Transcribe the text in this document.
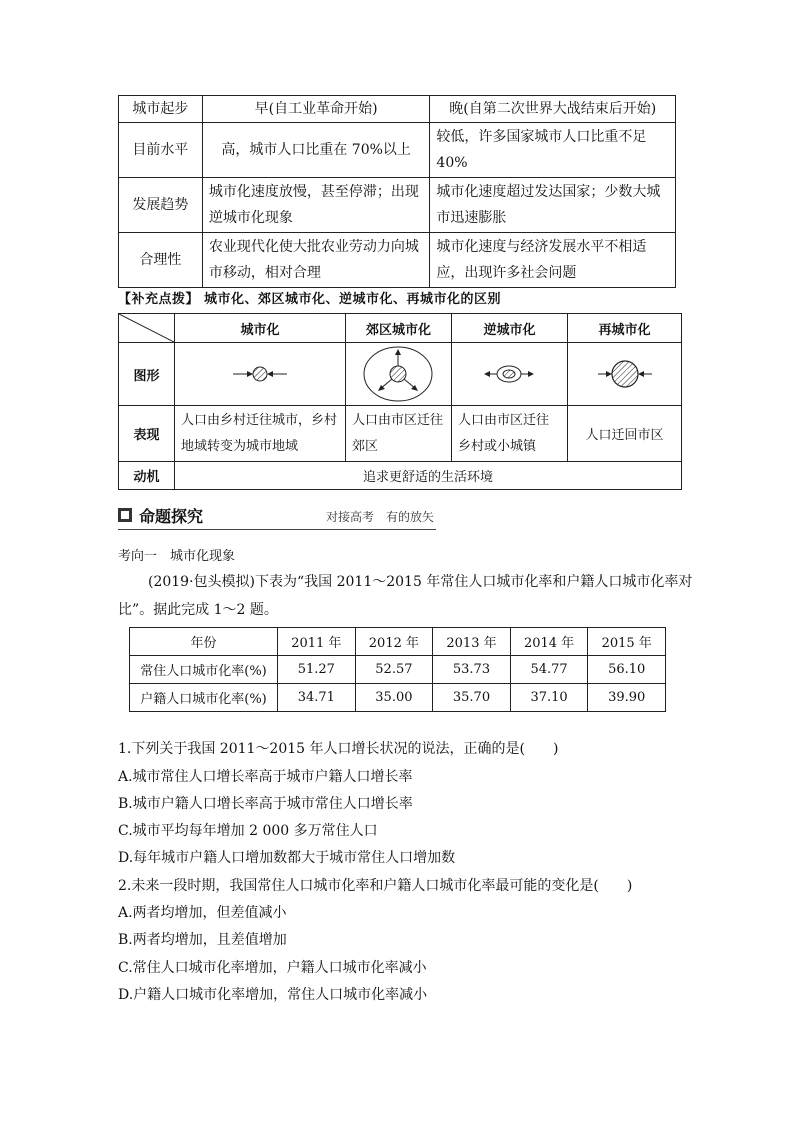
城市起步	早(自工业革命开始)	晚(自第二次世界大战结束后开始)
目前水平	高，城市人口比重在 70%以上	较低，许多国家城市人口比重不足 40%
发展趋势	城市化速度放慢，甚至停滞；出现逆城市化现象	城市化速度超过发达国家；少数大城市迅速膨胀
合理性	农业现代化使大批农业劳动力向城市移动，相对合理	城市化速度与经济发展水平不相适应，出现许多社会问题
【补充点拨】 城市化、郊区城市化、逆城市化、再城市化的区别
	城市化	郊区城市化	逆城市化	再城市化
图形	

表现	人口由乡村迁往城市，乡村地域转变为城市地域	人口由市区迁往郊区	人口由市区迁往乡村或小城镇	人口迁回市区
动机	追求更舒适的生活环境			
命题探究	对接高考　有的放矢
考向一　城市化现象
(2019·包头模拟)下表为“我国 2011～2015 年常住人口城市化率和户籍人口城市化率对
比”。据此完成 1～2 题。
年份	2011 年	2012 年	2013 年	2014 年	2015 年
常住人口城市化率(%)	51.27	52.57	53.73	54.77	56.10
户籍人口城市化率(%)	34.71	35.00	35.70	37.10	39.90
1.下列关于我国 2011～2015 年人口增长状况的说法，正确的是(　　)
A.城市常住人口增长率高于城市户籍人口增长率
B.城市户籍人口增长率高于城市常住人口增长率
C.城市平均每年增加 2 000 多万常住人口
D.每年城市户籍人口增加数都大于城市常住人口增加数
2.未来一段时期，我国常住人口城市化率和户籍人口城市化率最可能的变化是(　　)
A.两者均增加，但差值减小
B.两者均增加，且差值增加
C.常住人口城市化率增加，户籍人口城市化率减小
D.户籍人口城市化率增加，常住人口城市化率减小
